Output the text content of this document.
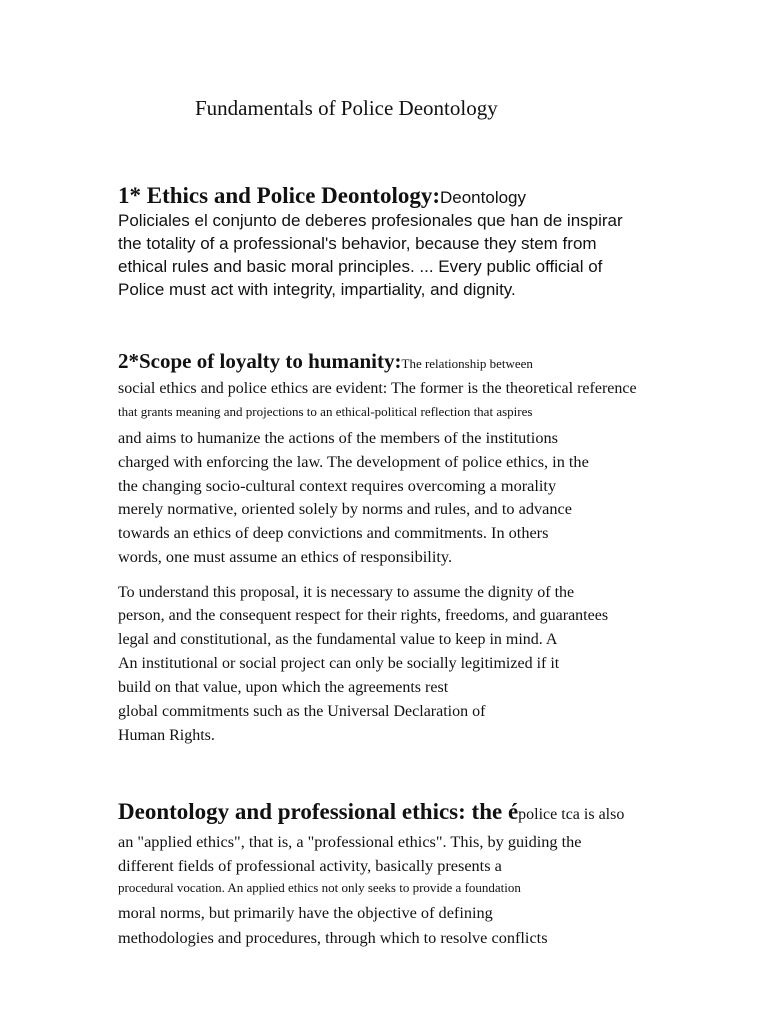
Fundamentals of Police Deontology
1* Ethics and Police Deontology:Deontology
Policiales el conjunto de deberes profesionales que han de inspirar
the totality of a professional's behavior, because they stem from
ethical rules and basic moral principles. ... Every public official of
Police must act with integrity, impartiality, and dignity.
2*Scope of loyalty to humanity:The relationship between
social ethics and police ethics are evident: The former is the theoretical reference
that grants meaning and projections to an ethical-political reflection that aspires
and aims to humanize the actions of the members of the institutions
charged with enforcing the law. The development of police ethics, in the
the changing socio-cultural context requires overcoming a morality
merely normative, oriented solely by norms and rules, and to advance
towards an ethics of deep convictions and commitments. In others
words, one must assume an ethics of responsibility.
To understand this proposal, it is necessary to assume the dignity of the
person, and the consequent respect for their rights, freedoms, and guarantees
legal and constitutional, as the fundamental value to keep in mind. A
An institutional or social project can only be socially legitimized if it
build on that value, upon which the agreements rest
global commitments such as the Universal Declaration of
Human Rights.
Deontology and professional ethics: the épolice tca is also
an "applied ethics", that is, a "professional ethics". This, by guiding the
different fields of professional activity, basically presents a
procedural vocation. An applied ethics not only seeks to provide a foundation
moral norms, but primarily have the objective of defining
methodologies and procedures, through which to resolve conflicts
